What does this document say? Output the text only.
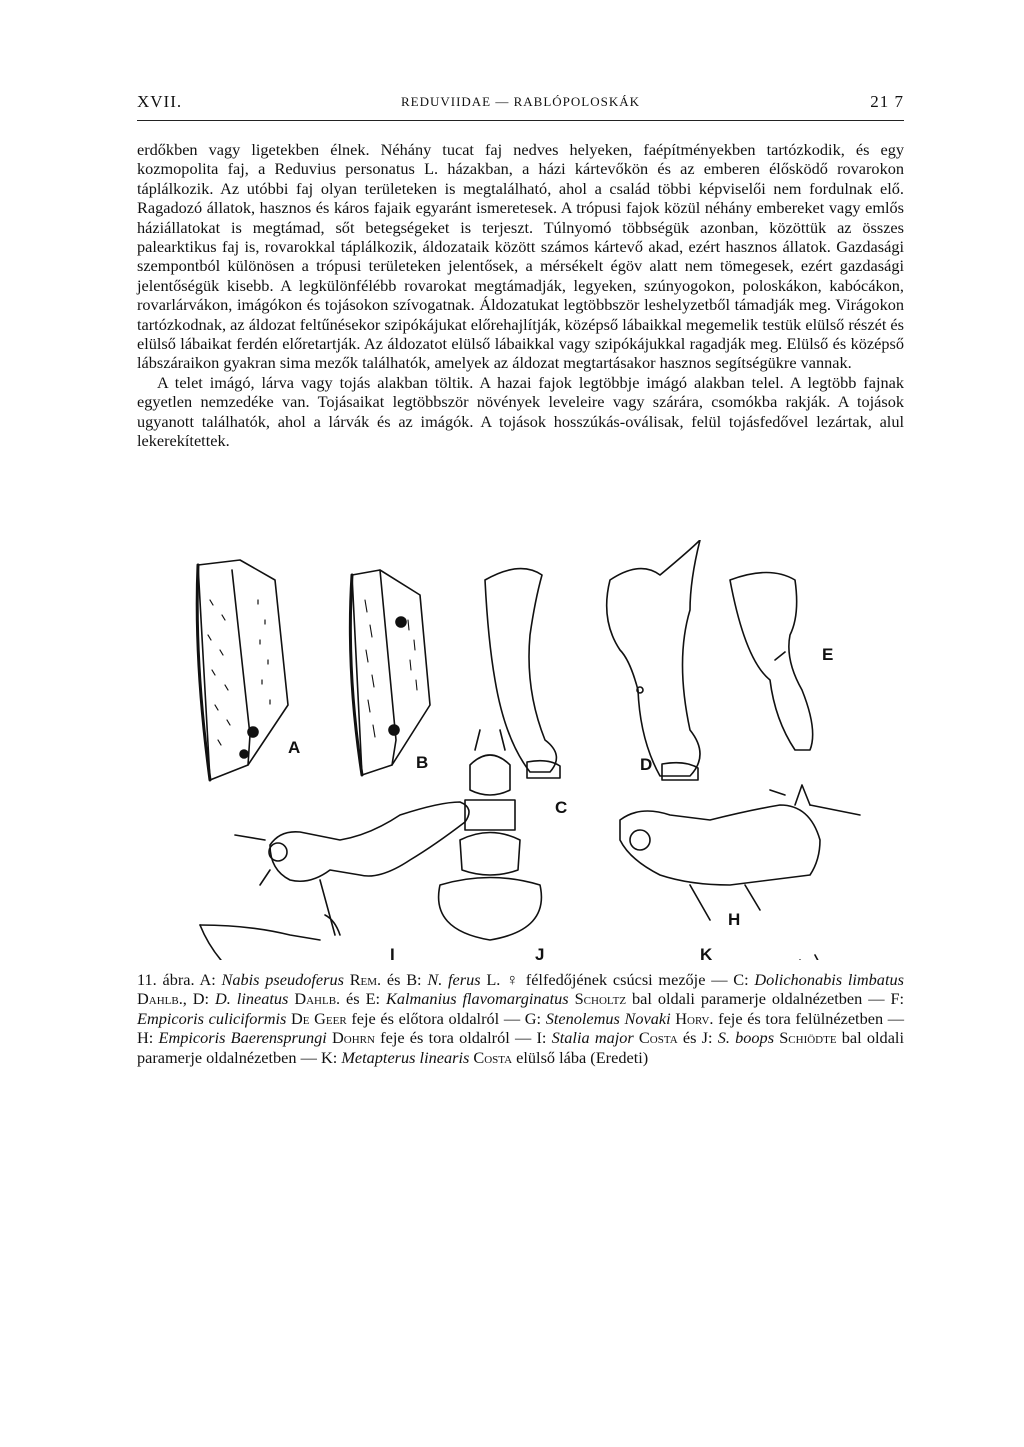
XVII.	REDUVIIDAE — RABLÓPOLOSKÁK	21 7

erdőkben vagy ligetekben élnek. Néhány tucat faj nedves helyeken, faépítményekben tartózkodik, és egy kozmopolita faj, a Reduvius personatus L. házakban, a házi kártevőkön és az emberen élősködő rovarokon táplálkozik. Az utóbbi faj olyan területeken is megtalálható, ahol a család többi képviselői nem fordulnak elő. Ragadozó állatok, hasznos és káros fajaik egyaránt ismeretesek. A trópusi fajok közül néhány embereket vagy emlős háziállatokat is megtámad, sőt betegségeket is terjeszt. Túlnyomó többségük azonban, közöttük az összes palearktikus faj is, rovarokkal táplálkozik, áldozataik között számos kártevő akad, ezért hasznos állatok. Gazdasági szempontból különösen a trópusi területeken jelentősek, a mérsékelt égöv alatt nem tömegesek, ezért gazdasági jelentőségük kisebb. A legkülönfélébb rovarokat megtámadják, legyeken, szúnyogokon, poloskákon, kabócákon, rovarlárvákon, imágókon és tojásokon szívogatnak. Áldozatukat legtöbbször leshelyzetből támadják meg. Virágokon tartózkodnak, az áldozat feltűnésekor szipókájukat előrehajlítják, középső lábaikkal megemelik testük elülső részét és elülső lábaikat ferdén előretartják. Az áldozatot elülső lábaikkal vagy szipókájukkal ragadják meg. Elülső és középső lábszáraikon gyakran sima mezők találhatók, amelyek az áldozat megtartásakor hasznos segítségükre vannak.

A telet imágó, lárva vagy tojás alakban töltik. A hazai fajok legtöbbje imágó alakban telel. A legtöbb fajnak egyetlen nemzedéke van. Tojásaikat legtöbbször növények leveleire vagy szárára, csomókba rakják. A tojások ugyanott találhatók, ahol a lárvák és az imágók. A tojások hosszúkás-oválisak, felül tojásfedővel lezártak, alul lekerekítettek.

A
B
C
D
E
H
I	J	K
11. ábra. A: Nabis pseudoferus Rem. és B: N. ferus L. ♀ félfedőjének csúcsi mezője — C: Dolichonabis limbatus Dahlb., D: D. lineatus Dahlb. és E: Kalmanius flavomarginatus Scholtz bal oldali paramerje oldalnézetben — F: Empicoris culiciformis De Geer feje és előtora oldalról — G: Stenolemus Novaki Horv. feje és tora felülnézetben — H: Empicoris Baerensprungi Dohrn feje és tora oldalról — I: Stalia major Costa és J: S. boops Schiödte bal oldali paramerje oldalnézetben — K: Metapterus linearis Costa elülső lába (Eredeti)
